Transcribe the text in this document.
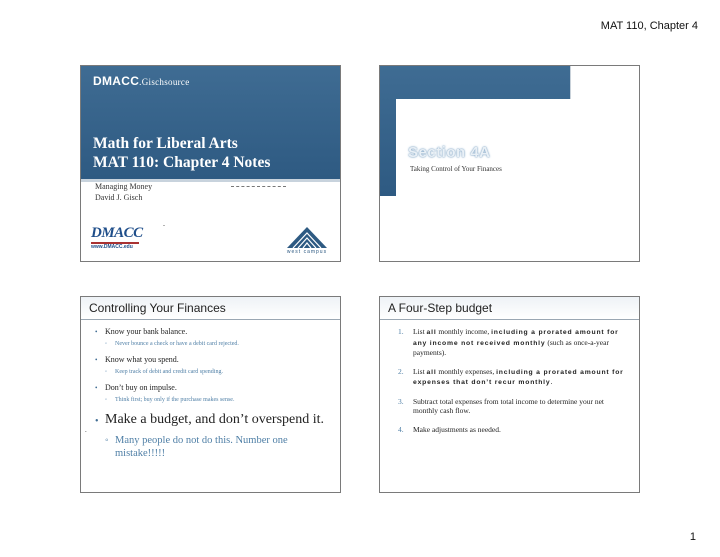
MAT 110, Chapter 4
DMACC.Gischsource
Math for Liberal Arts
MAT 110: Chapter 4 Notes
Managing Money
David J. Gisch
.
DMACC
www.DMACC.edu
west campus
Section 4A
Taking Control of Your Finances
Controlling Your Finances
• Know your bank balance.
◦ Never bounce a check or have a debit card rejected.
• Know what you spend.
◦ Keep track of debit and credit card spending.
• Don’t buy on impulse.
◦ Think first; buy only if the purchase makes sense.
• Make a budget, and don’t overspend it.
◦ Many people do not do this. Number one mistake!!!!!
.
A Four-Step budget
1. List all monthly income, including a prorated amount for any income not received monthly (such as once-a-year payments).
2. List all monthly expenses, including a prorated amount for expenses that don’t recur monthly.
3. Subtract total expenses from total income to determine your net monthly cash flow.
4. Make adjustments as needed.
1
